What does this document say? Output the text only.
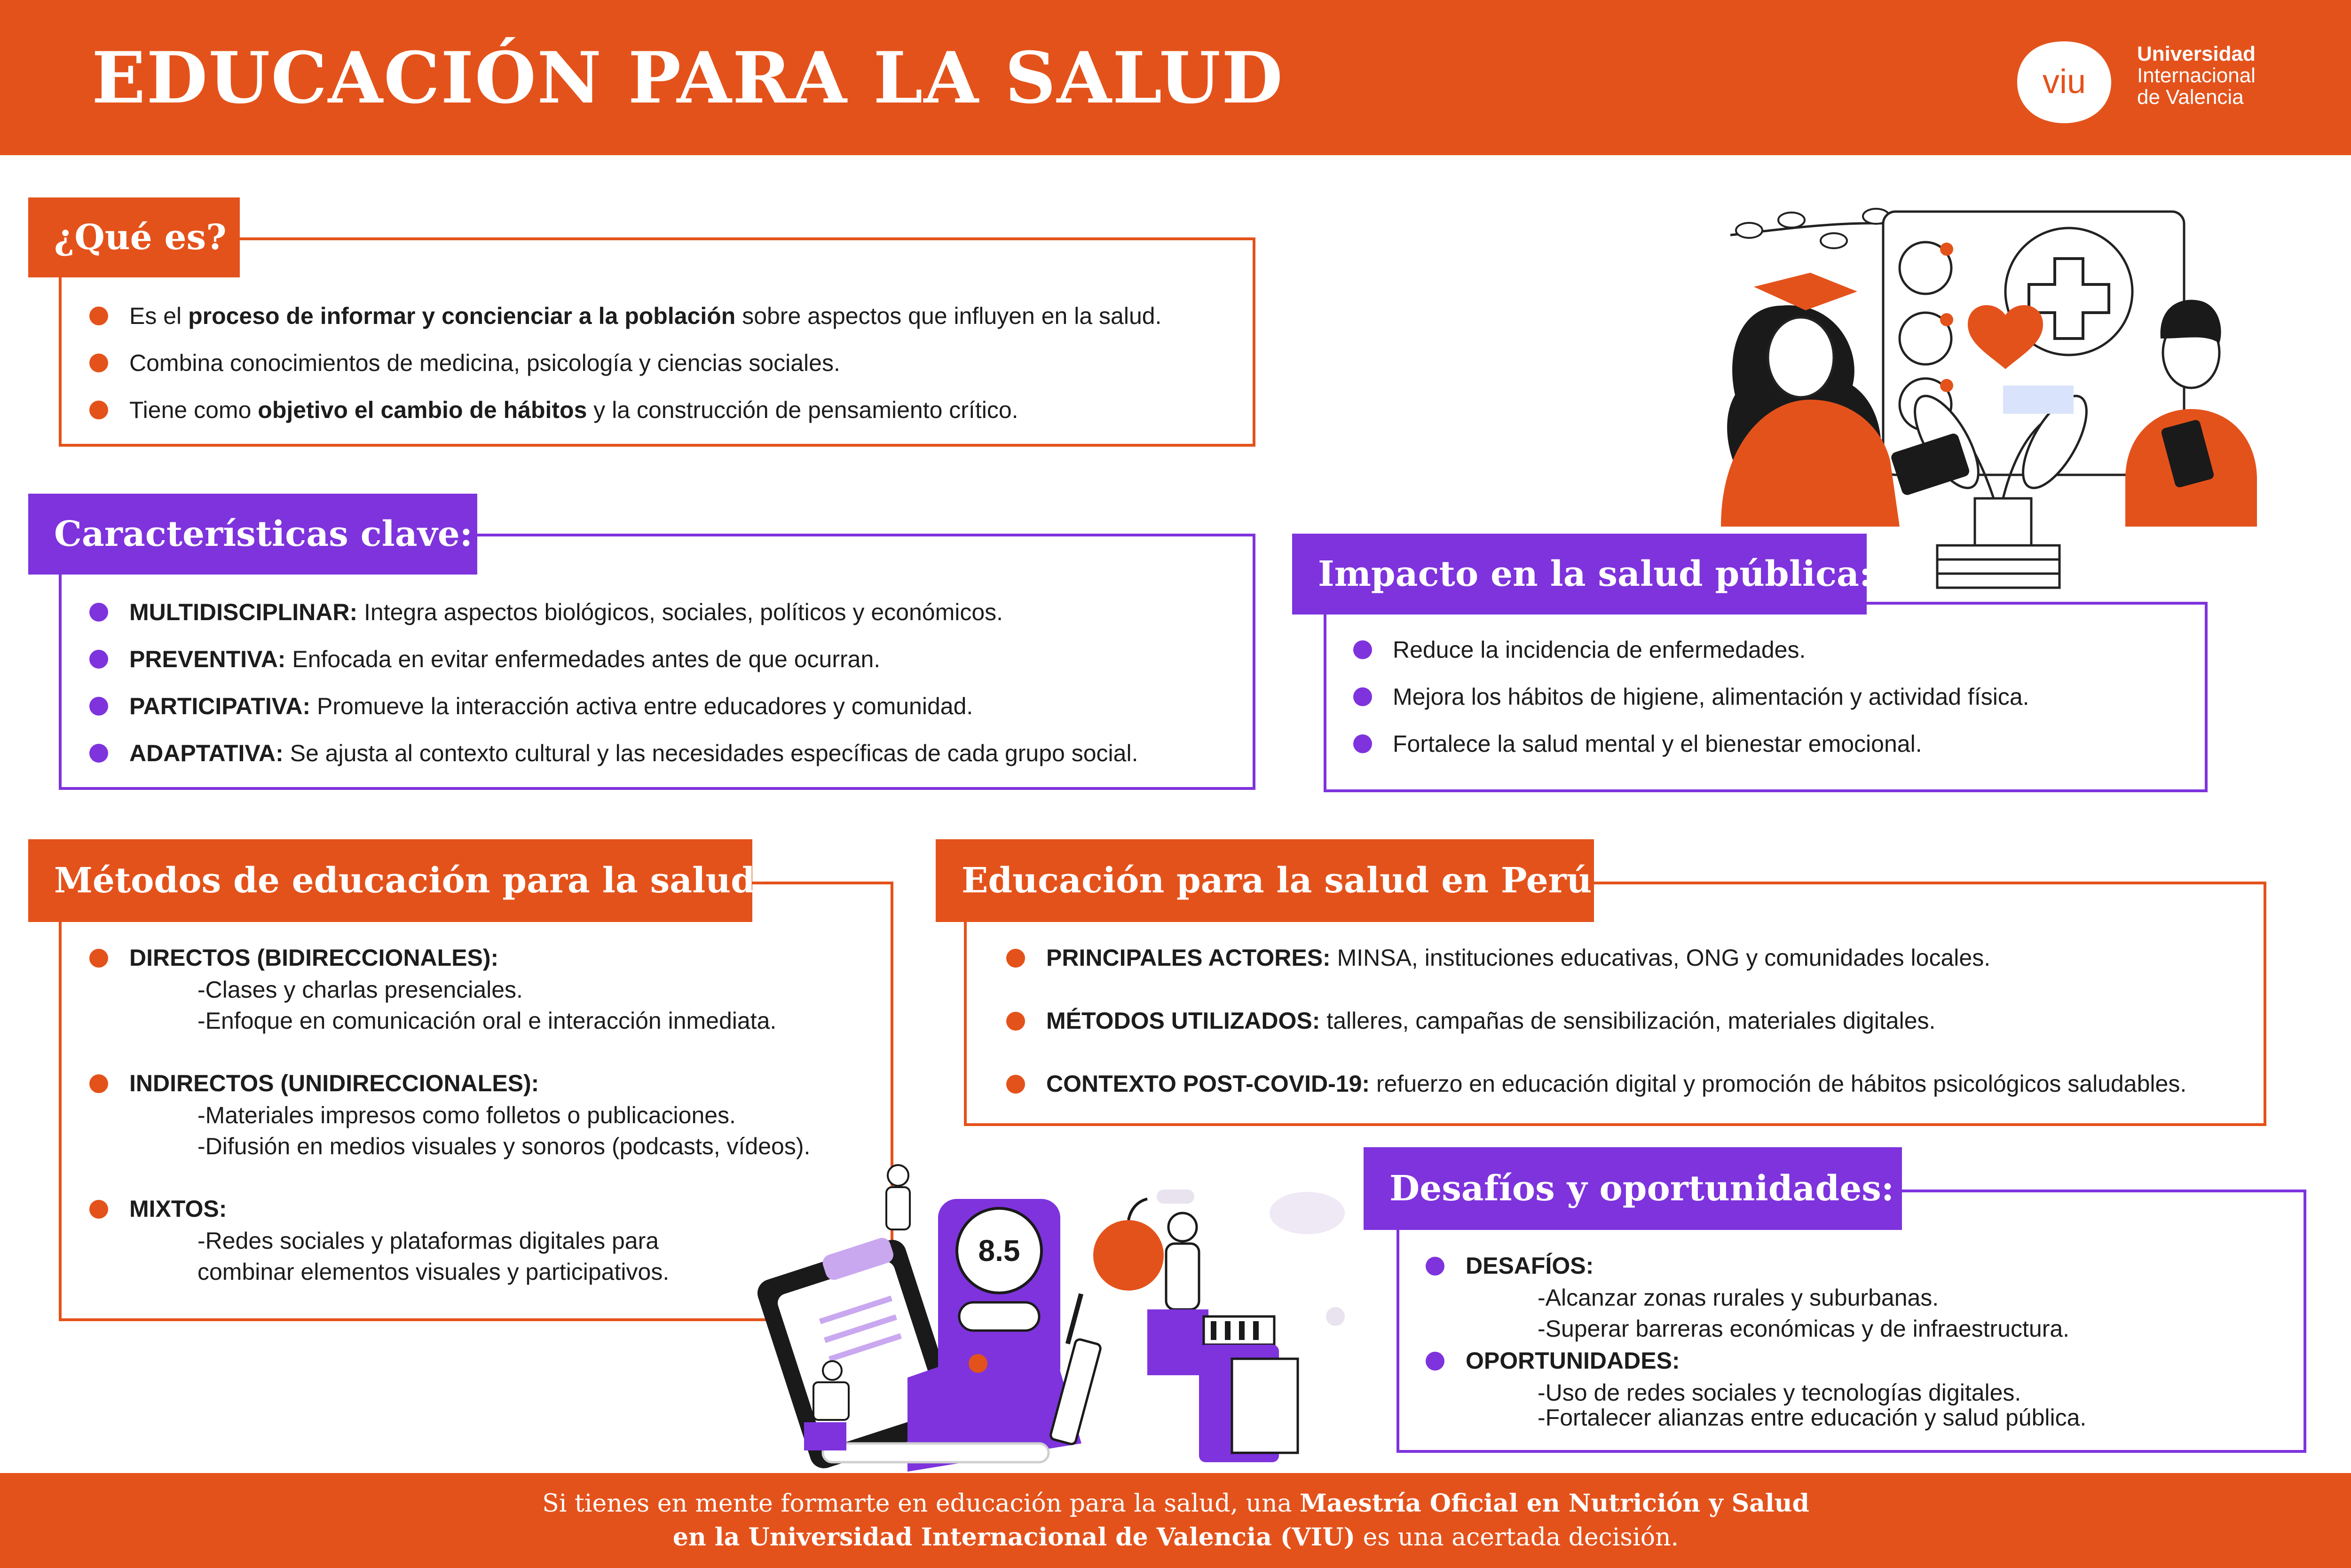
EDUCACIÓN PARA LA SALUD	viu
Universidad
Internacional
de Valencia
¿Qué es?
Es el proceso de informar y concienciar a la población sobre aspectos que influyen en la salud.
Combina conocimientos de medicina, psicología y ciencias sociales.
Tiene como objetivo el cambio de hábitos y la construcción de pensamiento crítico.
Características clave:
MULTIDISCIPLINAR: Integra aspectos biológicos, sociales, políticos y económicos.
PREVENTIVA: Enfocada en evitar enfermedades antes de que ocurran.
PARTICIPATIVA: Promueve la interacción activa entre educadores y comunidad.
ADAPTATIVA: Se ajusta al contexto cultural y las necesidades específicas de cada grupo social.
Impacto en la salud pública:
Reduce la incidencia de enfermedades.
Mejora los hábitos de higiene, alimentación y actividad física.
Fortalece la salud mental y el bienestar emocional.
Métodos de educación para la salud:
DIRECTOS (BIDIRECCIONALES):
-Clases y charlas presenciales.
-Enfoque en comunicación oral e interacción inmediata.
INDIRECTOS (UNIDIRECCIONALES):
-Materiales impresos como folletos o publicaciones.
-Difusión en medios visuales y sonoros (podcasts, vídeos).
MIXTOS:
-Redes sociales y plataformas digitales para
combinar elementos visuales y participativos.
Educación para la salud en Perú:
PRINCIPALES ACTORES: MINSA, instituciones educativas, ONG y comunidades locales.
MÉTODOS UTILIZADOS: talleres, campañas de sensibilización, materiales digitales.
CONTEXTO POST-COVID-19: refuerzo en educación digital y promoción de hábitos psicológicos saludables.
Desafíos y oportunidades:
DESAFÍOS:
-Alcanzar zonas rurales y suburbanas.
-Superar barreras económicas y de infraestructura.
OPORTUNIDADES:
-Uso de redes sociales y tecnologías digitales.
-Fortalecer alianzas entre educación y salud pública.
8.5

Si tienes en mente formarte en educación para la salud, una Maestría Oficial en Nutrición y Salud

en la Universidad Internacional de Valencia (VIU) es una acertada decisión.
